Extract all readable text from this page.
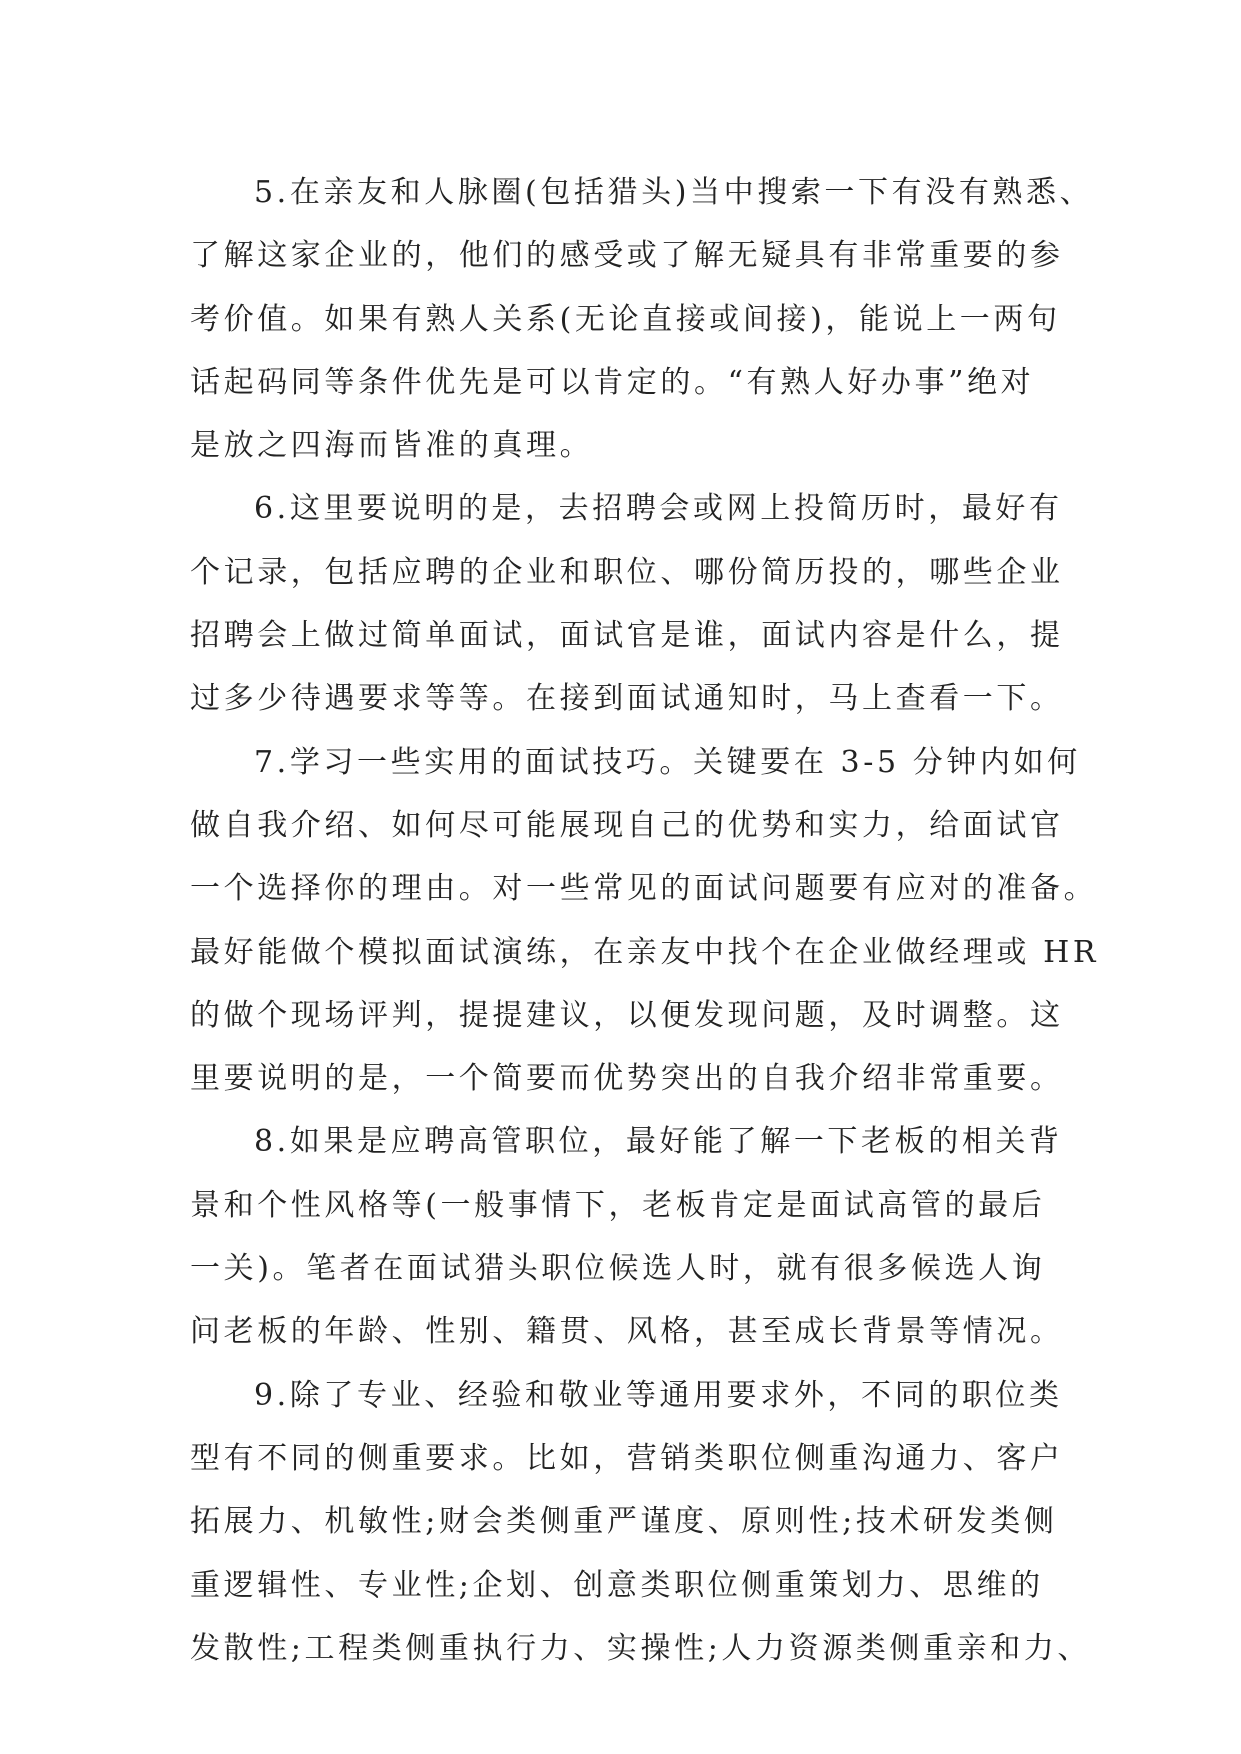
5.在亲友和人脉圈(包括猎头)当中搜索一下有没有熟悉、
了解这家企业的，他们的感受或了解无疑具有非常重要的参
考价值。如果有熟人关系(无论直接或间接)，能说上一两句
话起码同等条件优先是可以肯定的。“有熟人好办事”绝对
是放之四海而皆准的真理。
6.这里要说明的是，去招聘会或网上投简历时，最好有
个记录，包括应聘的企业和职位、哪份简历投的，哪些企业
招聘会上做过简单面试，面试官是谁，面试内容是什么，提
过多少待遇要求等等。在接到面试通知时，马上查看一下。
7.学习一些实用的面试技巧。关键要在 3-5 分钟内如何
做自我介绍、如何尽可能展现自己的优势和实力，给面试官
一个选择你的理由。对一些常见的面试问题要有应对的准备。
最好能做个模拟面试演练，在亲友中找个在企业做经理或 HR
的做个现场评判，提提建议，以便发现问题，及时调整。这
里要说明的是，一个简要而优势突出的自我介绍非常重要。
8.如果是应聘高管职位，最好能了解一下老板的相关背
景和个性风格等(一般事情下，老板肯定是面试高管的最后
一关)。笔者在面试猎头职位候选人时，就有很多候选人询
问老板的年龄、性别、籍贯、风格，甚至成长背景等情况。
9.除了专业、经验和敬业等通用要求外，不同的职位类
型有不同的侧重要求。比如，营销类职位侧重沟通力、客户
拓展力、机敏性;财会类侧重严谨度、原则性;技术研发类侧
重逻辑性、专业性;企划、创意类职位侧重策划力、思维的
发散性;工程类侧重执行力、实操性;人力资源类侧重亲和力、
